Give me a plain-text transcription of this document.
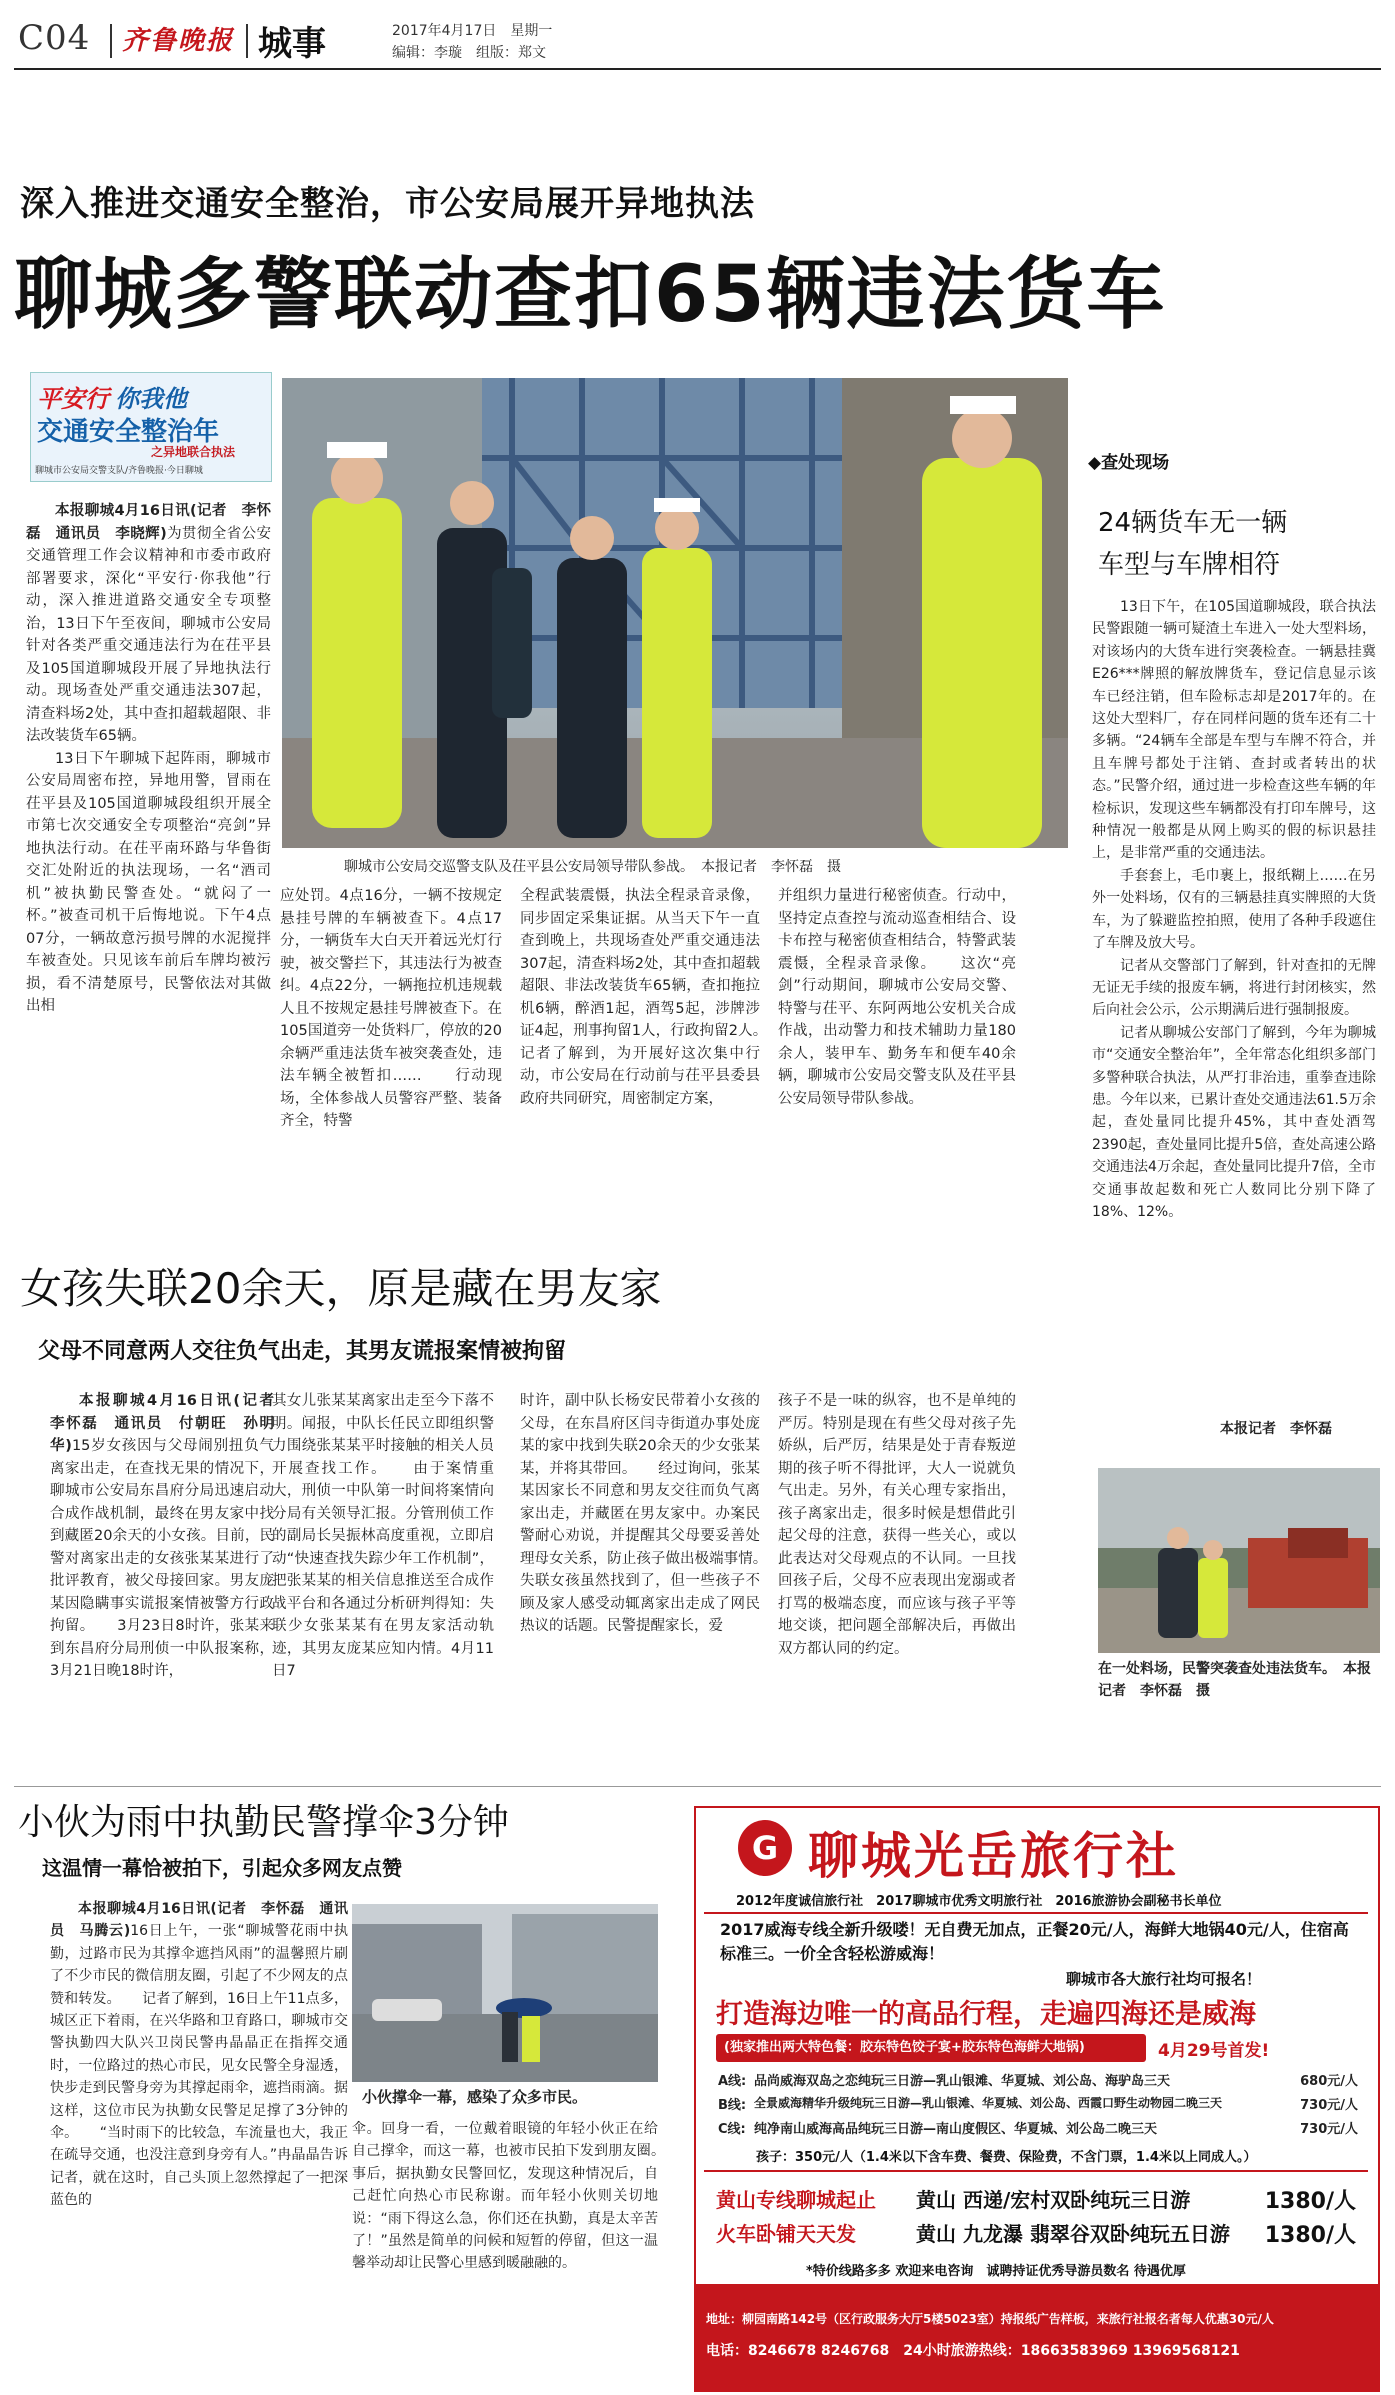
C04 齐鲁晚报 城事	2017年4月17日　星期一
编辑：李璇　组版：郑文
深入推进交通安全整治，市公安局展开异地执法
聊城多警联动查扣65辆违法货车
平安行 你我他
交通安全整治年
之异地联合执法
聊城市公安局交警支队/齐鲁晚报·今日聊城

本报聊城4月16日讯(记者　李怀磊　通讯员　李晓辉)为贯彻全省公安交通管理工作会议精神和市委市政府部署要求，深化“平安行·你我他”行动，深入推进道路交通安全专项整治，13日下午至夜间，聊城市公安局针对各类严重交通违法行为在茌平县及105国道聊城段开展了异地执法行动。现场查处严重交通违法307起，清查料场2处，其中查扣超载超限、非法改装货车65辆。

13日下午聊城下起阵雨，聊城市公安局周密布控，异地用警，冒雨在茌平县及105国道聊城段组织开展全市第七次交通安全专项整治“亮剑”异地执法行动。在茌平南环路与华鲁街交汇处附近的执法现场，一名“酒司机”被执勤民警查处。“就闷了一杯。”被查司机干后悔地说。下午4点07分，一辆故意污损号牌的水泥搅拌车被查处。只见该车前后车牌均被污损，看不清楚原号，民警依法对其做出相

聊城市公安局交巡警支队及茌平县公安局领导带队参战。　本报记者　李怀磊　摄
应处罚。4点16分，一辆不按规定悬挂号牌的车辆被查下。4点17分，一辆货车大白天开着远光灯行驶，被交警拦下，其违法行为被查纠。4点22分，一辆拖拉机违规载人且不按规定悬挂号牌被查下。在105国道旁一处货料厂，停放的20余辆严重违法货车被突袭查处，违法车辆全被暂扣……　　行动现场，全体参战人员警容严整、装备齐全，特警
全程武装震慑，执法全程录音录像，同步固定采集证据。从当天下午一直查到晚上，共现场查处严重交通违法307起，清查料场2处，其中查扣超载超限、非法改装货车65辆，查扣拖拉机6辆，醉酒1起，酒驾5起，涉牌涉证4起，刑事拘留1人，行政拘留2人。　　记者了解到，为开展好这次集中行动，市公安局在行动前与茌平县委县政府共同研究，周密制定方案，
并组织力量进行秘密侦查。行动中，坚持定点查控与流动巡查相结合、设卡布控与秘密侦查相结合，特警武装震慑，全程录音录像。　　这次“亮剑”行动期间，聊城市公安局交警、特警与茌平、东阿两地公安机关合成作战，出动警力和技术辅助力量180余人，装甲车、勤务车和便车40余辆，聊城市公安局交警支队及茌平县公安局领导带队参战。
◆查处现场
24辆货车无一辆
车型与车牌相符

13日下午，在105国道聊城段，联合执法民警跟随一辆可疑渣土车进入一处大型料场，对该场内的大货车进行突袭检查。一辆悬挂冀E26***牌照的解放牌货车，登记信息显示该车已经注销，但车险标志却是2017年的。在这处大型料厂，存在同样问题的货车还有二十多辆。“24辆车全部是车型与车牌不符合，并且车牌号都处于注销、查封或者转出的状态。”民警介绍，通过进一步检查这些车辆的年检标识，发现这些车辆都没有打印车牌号，这种情况一般都是从网上购买的假的标识悬挂上，是非常严重的交通违法。

手套套上，毛巾裹上，报纸糊上……在另外一处料场，仅有的三辆悬挂真实牌照的大货车，为了躲避监控拍照，使用了各种手段遮住了车牌及放大号。

记者从交警部门了解到，针对查扣的无牌无证无手续的报废车辆，将进行封闭核实，然后向社会公示，公示期满后进行强制报废。

记者从聊城公安部门了解到，今年为聊城市“交通安全整治年”，全年常态化组织多部门多警种联合执法，从严打非治违，重拳查违除患。今年以来，已累计查处交通违法61.5万余起，查处量同比提升45%，其中查处酒驾2390起，查处量同比提升5倍，查处高速公路交通违法4万余起，查处量同比提升7倍，全市交通事故起数和死亡人数同比分别下降了18%、12%。

本报记者　李怀磊
在一处料场，民警突袭查处违法货车。　本报记者　李怀磊　摄
女孩失联20余天，原是藏在男友家
父母不同意两人交往负气出走，其男友谎报案情被拘留

本报聊城4月16日讯(记者　李怀磊　通讯员　付朝旺　孙明华)15岁女孩因与父母闹别扭负气离家出走，在查找无果的情况下，聊城市公安局东昌府分局迅速启动合成作战机制，最终在男友家中找到藏匿20余天的小女孩。目前，民警对离家出走的女孩张某某进行了批评教育，被父母接回家。男友庞某因隐瞒事实谎报案情被警方行政拘留。　　3月23日8时许，张某来到东昌府分局刑侦一中队报案称，3月21日晚18时许，

其女儿张某某离家出走至今下落不明。闻报，中队长任民立即组织警力围绕张某某平时接触的相关人员开展查找工作。　　由于案情重大，刑侦一中队第一时间将案情向分局有关领导汇报。分管刑侦工作的副局长吴振林高度重视，立即启动“快速查找失踪少年工作机制”，把张某某的相关信息推送至合成作战平台和各通过分析研判得知：失联少女张某某有在男友家活动轨迹，其男友庞某应知内情。4月11日7
时许，副中队长杨安民带着小女孩的父母，在东昌府区闫寺街道办事处庞某的家中找到失联20余天的少女张某某，并将其带回。　　经过询问，张某某因家长不同意和男友交往而负气离家出走，并藏匿在男友家中。办案民警耐心劝说，并提醒其父母要妥善处理母女关系，防止孩子做出极端事情。　　失联女孩虽然找到了，但一些孩子不顾及家人感受动辄离家出走成了网民热议的话题。民警提醒家长，爱
孩子不是一味的纵容，也不是单纯的严厉。特别是现在有些父母对孩子先娇纵，后严厉，结果是处于青春叛逆期的孩子听不得批评，大人一说就负气出走。另外，有关心理专家指出，孩子离家出走，很多时候是想借此引起父母的注意，获得一些关心，或以此表达对父母观点的不认同。一旦找回孩子后，父母不应表现出宠溺或者打骂的极端态度，而应该与孩子平等地交谈，把问题全部解决后，再做出双方都认同的约定。
小伙为雨中执勤民警撑伞3分钟
这温情一幕恰被拍下，引起众多网友点赞

本报聊城4月16日讯(记者　李怀磊　通讯员　马腾云)16日上午，一张“聊城警花雨中执勤，过路市民为其撑伞遮挡风雨”的温馨照片刷了不少市民的微信朋友圈，引起了不少网友的点赞和转发。　　记者了解到，16日上午11点多，城区正下着雨，在兴华路和卫育路口，聊城市交警执勤四大队兴卫岗民警冉晶晶正在指挥交通时，一位路过的热心市民，见女民警全身湿透，快步走到民警身旁为其撑起雨伞，遮挡雨滴。据这样，这位市民为执勤女民警足足撑了3分钟的伞。　　“当时雨下的比较急，车流量也大，我正在疏导交通，也没注意到身旁有人。”冉晶晶告诉记者，就在这时，自己头顶上忽然撑起了一把深蓝色的

小伙撑伞一幕，感染了众多市民。
伞。回身一看，一位戴着眼镜的年轻小伙正在给自己撑伞，而这一幕，也被市民拍下发到朋友圈。　　事后，据执勤女民警回忆，发现这种情况后，自己赶忙向热心市民称谢。而年轻小伙则关切地说：“雨下得这么急，你们还在执勤，真是太辛苦了！”虽然是简单的问候和短暂的停留，但这一温馨举动却让民警心里感到暖融融的。
G 聊城光岳旅行社
2012年度诚信旅行社　2017聊城市优秀文明旅行社　2016旅游协会副秘书长单位
2017威海专线全新升级喽！无自费无加点，正餐20元/人，海鲜大地锅40元/人，住宿高标准三。一价全含轻松游威海！
聊城市各大旅行社均可报名！
打造海边唯一的高品行程，走遍四海还是威海
(独家推出两大特色餐：胶东特色饺子宴+胶东特色海鲜大地锅)	4月29号首发!
A线: 品尚威海双岛之恋纯玩三日游—乳山银滩、华夏城、刘公岛、海驴岛三天	680元/人
B线: 全景威海精华升级纯玩三日游—乳山银滩、华夏城、刘公岛、西霞口野生动物园二晚三天	730元/人
C线: 纯净南山威海高品纯玩三日游—南山度假区、华夏城、刘公岛二晚三天	730元/人
孩子：350元/人（1.4米以下含车费、餐费、保险费，不含门票，1.4米以上同成人。）
黄山专线聊城起止 黄山 西递/宏村双卧纯玩三日游	1380/人
火车卧铺天天发	黄山 九龙瀑 翡翠谷双卧纯玩五日游 1380/人
*特价线路多多 欢迎来电咨询　诚聘持证优秀导游员数名 待遇优厚
地址：柳园南路142号（区行政服务大厅5楼5023室）持报纸广告样板，来旅行社报名者每人优惠30元/人
电话：8246678 8246768　24小时旅游热线：18663583969 13969568121
